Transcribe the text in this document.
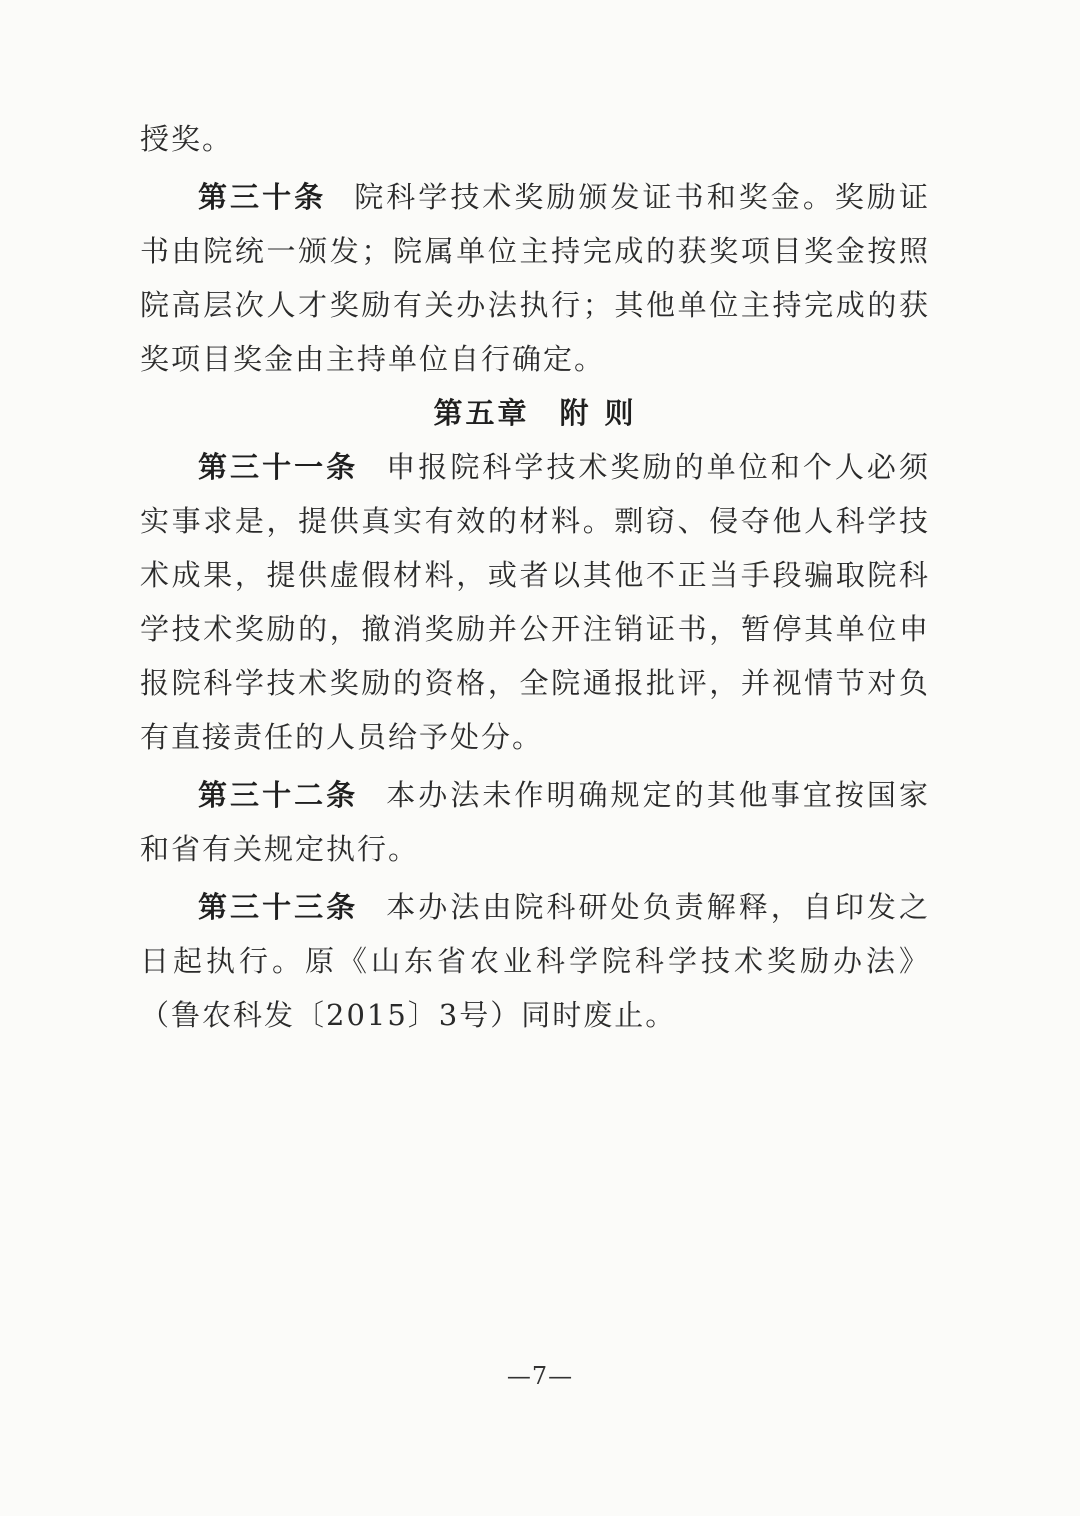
授奖。

第三十条 院科学技术奖励颁发证书和奖金。奖励证书由院统一颁发；院属单位主持完成的获奖项目奖金按照院高层次人才奖励有关办法执行；其他单位主持完成的获奖项目奖金由主持单位自行确定。

第五章 附 则

第三十一条 申报院科学技术奖励的单位和个人必须实事求是，提供真实有效的材料。剽窃、侵夺他人科学技术成果，提供虚假材料，或者以其他不正当手段骗取院科学技术奖励的，撤消奖励并公开注销证书，暂停其单位申报院科学技术奖励的资格，全院通报批评，并视情节对负有直接责任的人员给予处分。

第三十二条 本办法未作明确规定的其他事宜按国家和省有关规定执行。

第三十三条 本办法由院科研处负责解释，自印发之日起执行。原《山东省农业科学院科学技术奖励办法》（鲁农科发〔2015〕3号）同时废止。

—7—
